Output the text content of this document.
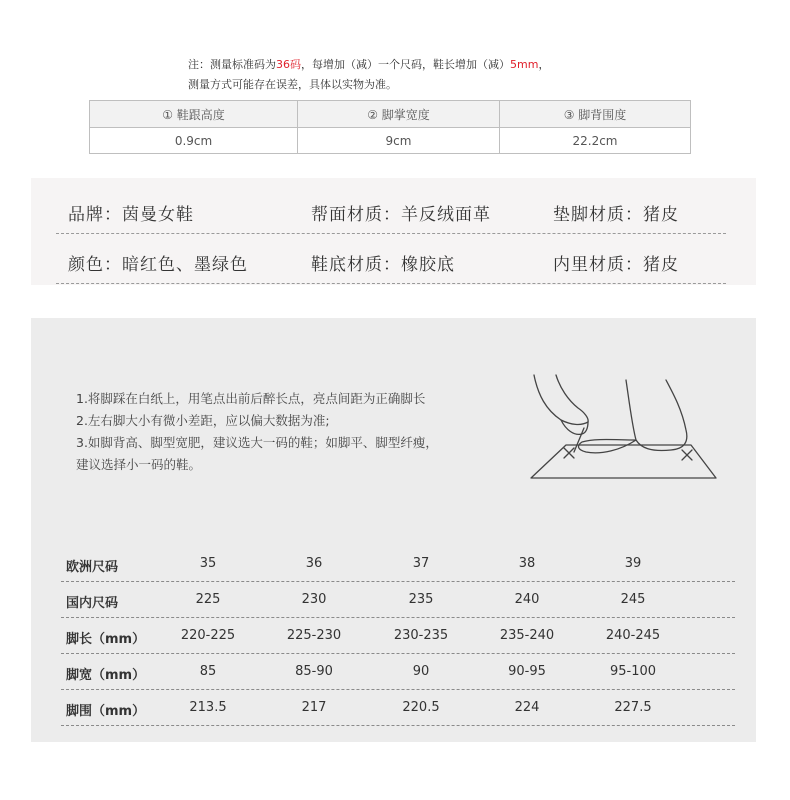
注：测量标准码为36码，每增加（减）一个尺码，鞋长增加（减）5mm，
测量方式可能存在误差，具体以实物为准。
① 鞋跟高度	② 脚掌宽度	③ 脚背围度
0.9cm	9cm	22.2cm
品牌：茵曼女鞋	帮面材质：羊反绒面革	垫脚材质：猪皮
颜色：暗红色、墨绿色	鞋底材质：橡胶底	内里材质：猪皮
1.将脚踩在白纸上，用笔点出前后醉长点，亮点间距为正确脚长
2.左右脚大小有微小差距，应以偏大数据为准;
3.如脚背高、脚型宽肥，建议选大一码的鞋；如脚平、脚型纤瘦，
建议选择小一码的鞋。
欧洲尺码	35	36	37	38	39
国内尺码	225	230	235	240	245
脚长（mm）	220-225	225-230	230-235	235-240	240-245
脚宽（mm）	85	85-90	90	90-95	95-100
脚围（mm）	213.5	217	220.5	224	227.5
